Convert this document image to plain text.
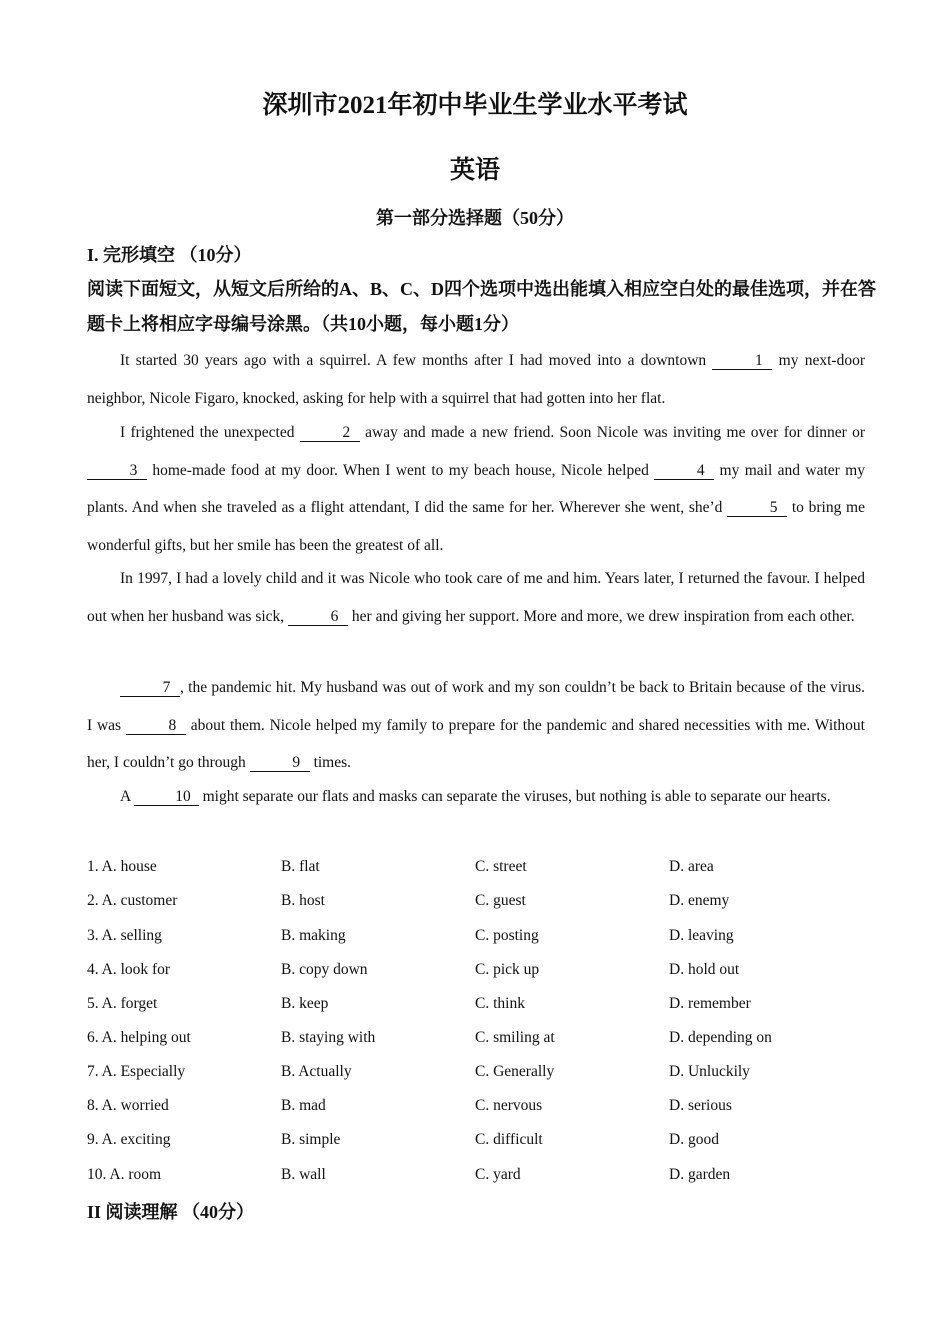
深圳市2021年初中毕业生学业水平考试
英语
第一部分选择题（50分）
I. 完形填空 （10分）
阅读下面短文，从短文后所给的A、B、C、D四个选项中选出能填入相应空白处的最佳选项，并在答题卡上将相应字母编号涂黑。（共10小题，每小题1分）
It started 30 years ago with a squirrel. A few months after I had moved into a downtown	1 my next-door neighbor, Nicole Figaro, knocked, asking for help with a squirrel that had gotten into her flat.
I frightened the unexpected	2 away and made a new friend. Soon Nicole was inviting me over for dinner or 3 home-made food at my door. When I went to my beach house, Nicole helped	4 my mail and water my plants. And when she traveled as a flight attendant, I did the same for her. Wherever she went, she’d	5 to bring me wonderful gifts, but her smile has been the greatest of all.
In 1997, I had a lovely child and it was Nicole who took care of me and him. Years later, I returned the favour. I helped out when her husband was sick,	6 her and giving her support. More and more, we drew inspiration from each other.
7 , the pandemic hit. My husband was out of work and my son couldn’t be back to Britain because of the virus. I was	8 about them. Nicole helped my family to prepare for the pandemic and shared necessities with me. Without her, I couldn’t go through	9 times.
A	10 might separate our flats and masks can separate the viruses, but nothing is able to separate our hearts.
1. A. house	B. flat	C. street	D. area
2. A. customer	B. host	C. guest	D. enemy
3. A. selling	B. making	C. posting	D. leaving
4. A. look for	B. copy down	C. pick up	D. hold out
5. A. forget	B. keep	C. think	D. remember
6. A. helping out	B. staying with	C. smiling at	D. depending on
7. A. Especially	B. Actually	C. Generally	D. Unluckily
8. A. worried	B. mad	C. nervous	D. serious
9. A. exciting	B. simple	C. difficult	D. good
10. A. room	B. wall	C. yard	D. garden
II 阅读理解 （40分）
